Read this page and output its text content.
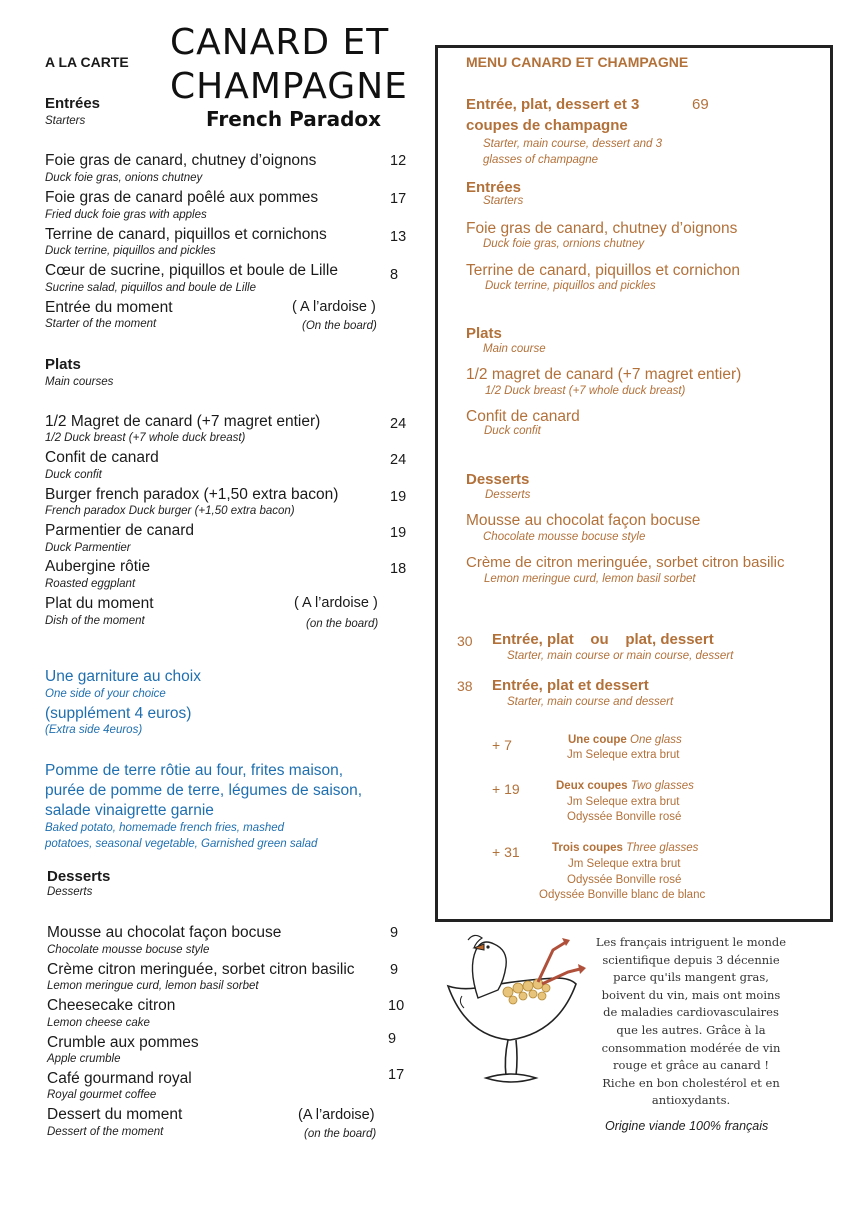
A LA CARTE CANARD ET
CHAMPAGNE
French Paradox
Entrées
Starters
Foie gras de canard, chutney d’oignons
Duck foie gras, onions chutney
12
Foie gras de canard poêlé aux pommes
Fried duck foie gras with apples
17
Terrine de canard, piquillos et cornichons
Duck terrine, piquillos and pickles
13
Cœur de sucrine, piquillos et boule de Lille
Sucrine salad, piquillos and boule de Lille
8
Entrée du moment
Starter of the moment
( A l’ardoise )
(On the board)
Plats
Main courses
1/2 Magret de canard (+7 magret entier)
1/2 Duck breast (+7 whole duck breast)
24
Confit de canard
Duck confit
24
Burger french paradox (+1,50 extra bacon)
French paradox Duck burger (+1,50 extra bacon)
19
Parmentier de canard
Duck Parmentier
19
Aubergine rôtie
Roasted eggplant
18
Plat du moment
Dish of the moment
( A l’ardoise )
(on the board)
Une garniture au choix
One side of your choice
(supplément 4 euros)
(Extra side 4euros)
Pomme de terre rôtie au four, frites maison,
purée de pomme de terre, légumes de saison,
salade vinaigrette garnie
Baked potato, homemade french fries, mashed
potatoes, seasonal vegetable, Garnished green salad
Desserts
Desserts
Mousse au chocolat façon bocuse
Chocolate mousse bocuse style
9
Crème citron meringuée, sorbet citron basilic
Lemon meringue curd, lemon basil sorbet
9
Cheesecake citron
Lemon cheese cake
10
Crumble aux pommes
Apple crumble
9
Café gourmand royal
Royal gourmet coffee
17
Dessert du moment
Dessert of the moment
(A l’ardoise)
(on the board)
MENU CANARD ET CHAMPAGNE
Entrée, plat, dessert et 3
coupes de champagne
69
Starter, main course, dessert and 3
glasses of champagne
Entrées
Starters
Foie gras de canard, chutney d’oignons
Duck foie gras, ornions chutney
Terrine de canard, piquillos et cornichon
Duck terrine, piquillos and pickles
Plats
Main course
1/2 magret de canard (+7 magret entier)
1/2 Duck breast (+7 whole duck breast)
Confit de canard
Duck confit
Desserts
Desserts
Mousse au chocolat façon bocuse
Chocolate mousse bocuse style
Crème de citron meringuée, sorbet citron basilic
Lemon meringue curd, lemon basil sorbet
30 Entrée, plat    ou    plat, dessert
Starter, main course or main course, dessert
38 Entrée, plat et dessert
Starter, main course and dessert
+ 7	Une coupe One glass
Jm Seleque extra brut
+ 19	Deux coupes Two glasses
Jm Seleque extra brut
Odyssée Bonville rosé
+ 31	Trois coupes Three glasses
Jm Seleque extra brut
Odyssée Bonville rosé
Odyssée Bonville blanc de blanc
Les français intriguent le monde
scientifique depuis 3 décennie
parce qu'ils mangent gras,
boivent du vin, mais ont moins
de maladies cardiovasculaires
que les autres. Grâce à la
consommation modérée de vin
rouge et grâce au canard !
Riche en bon cholestérol et en
antioxydants.
Origine viande 100% français
